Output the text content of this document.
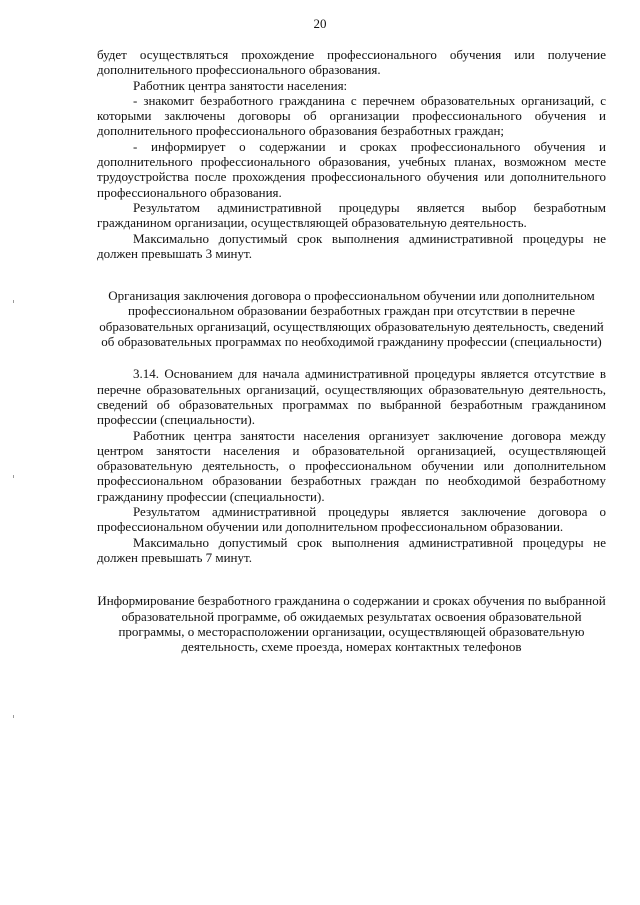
20

будет осуществляться прохождение профессионального обучения или получение дополнительного профессионального образования.

Работник центра занятости населения:

- знакомит безработного гражданина с перечнем образовательных организаций, с которыми заключены договоры об организации профессионального обучения и дополнительного профессионального образования безработных граждан;

- информирует о содержании и сроках профессионального обучения и дополнительного профессионального образования, учебных планах, возможном месте трудоустройства после прохождения профессионального обучения или дополнительного профессионального образования.

Результатом административной процедуры является выбор безработным гражданином организации, осуществляющей образовательную деятельность.

Максимально допустимый срок выполнения административной процедуры не должен превышать 3 минут.

Организация заключения договора о профессиональном обучении или дополнительном профессиональном образовании безработных граждан при отсутствии в перечне образовательных организаций, осуществляющих образовательную деятельность, сведений об образовательных программах по необходимой гражданину профессии (специальности)

3.14. Основанием для начала административной процедуры является отсутствие в перечне образовательных организаций, осуществляющих образовательную деятельность, сведений об образовательных программах по выбранной безработным гражданином профессии (специальности).

Работник центра занятости населения организует заключение договора между центром занятости населения и образовательной организацией, осуществляющей образовательную деятельность, о профессиональном обучении или дополнительном профессиональном образовании безработных граждан по необходимой безработному гражданину профессии (специальности).

Результатом административной процедуры является заключение договора о профессиональном обучении или дополнительном профессиональном образовании.

Максимально допустимый срок выполнения административной процедуры не должен превышать 7 минут.

Информирование безработного гражданина о содержании и сроках обучения по выбранной образовательной программе, об ожидаемых результатах освоения образовательной программы, о месторасположении организации, осуществляющей образовательную деятельность, схеме проезда, номерах контактных телефонов
